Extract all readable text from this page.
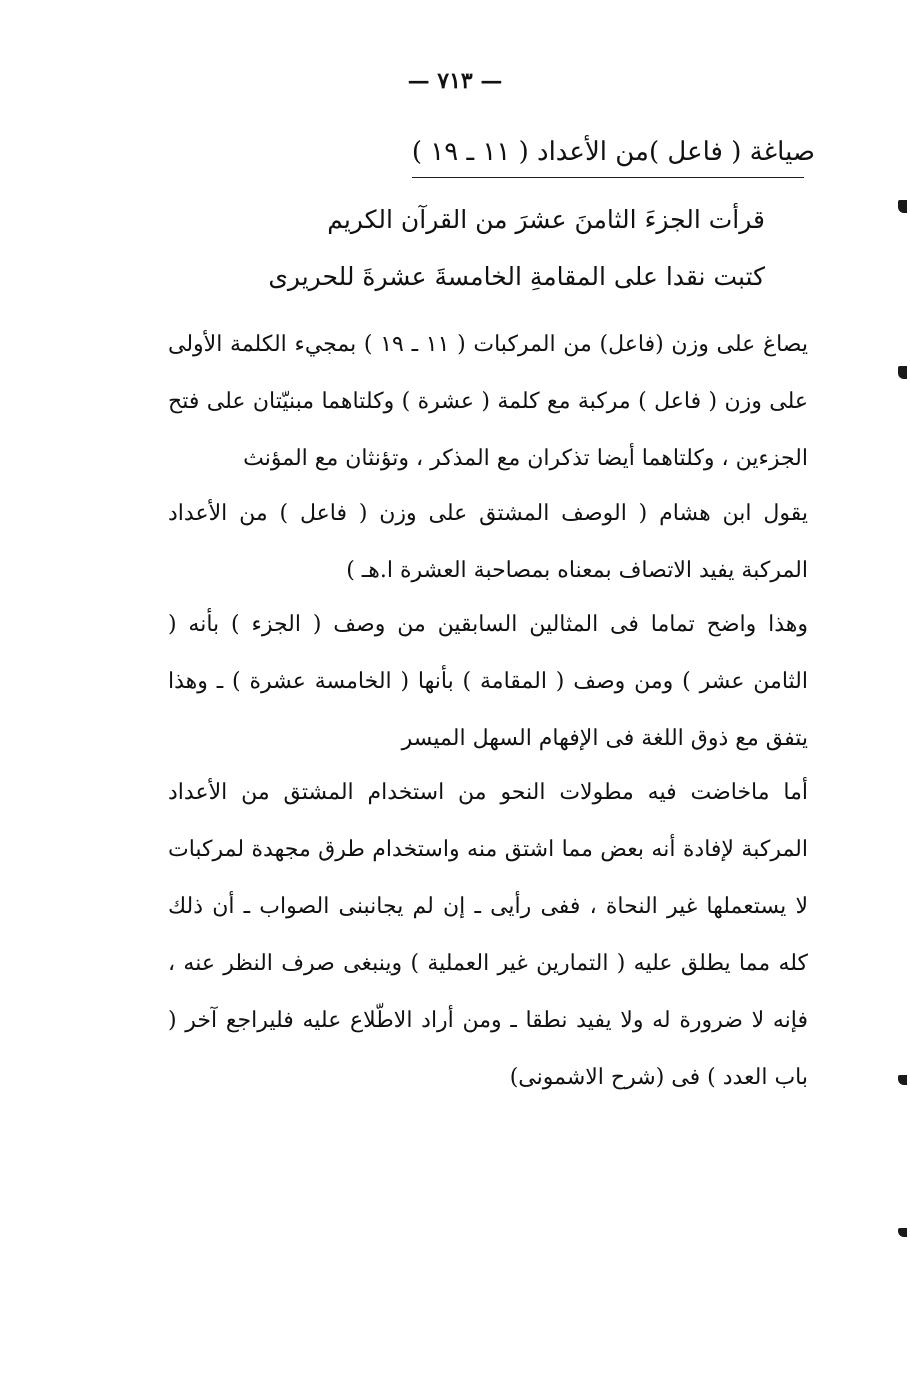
— ٧١٣ —
صياغة ( فاعل )من الأعداد ( ١١ ـ ١٩ )
قرأت الجزءَ الثامنَ عشرَ من القرآن الكريم
كتبت نقدا على المقامةِ الخامسةَ عشرةَ للحريرى
يصاغ على وزن (فاعل) من المركبات ( ١١ ـ ١٩ ) بمجيء الكلمة الأولى على وزن ( فاعل ) مركبة مع كلمة ( عشرة ) وكلتاهما مبنيّتان على فتح الجزءين ، وكلتاهما أيضا تذكران مع المذكر ، وتؤنثان مع المؤنث
يقول ابن هشام ( الوصف المشتق على وزن ( فاعل ) من الأعداد المركبة يفيد الاتصاف بمعناه بمصاحبة العشرة ا.هـ )
وهذا واضح تماما فى المثالين السابقين من وصف ( الجزء ) بأنه ( الثامن عشر ) ومن وصف ( المقامة ) بأنها ( الخامسة عشرة ) ـ وهذا يتفق مع ذوق اللغة فى الإفهام السهل الميسر
أما ماخاضت فيه مطولات النحو من استخدام المشتق من الأعداد المركبة لإفادة أنه بعض مما اشتق منه واستخدام طرق مجهدة لمركبات لا يستعملها غير النحاة ، ففى رأيى ـ إن لم يجانبنى الصواب ـ أن ذلك كله مما يطلق عليه ( التمارين غير العملية ) وينبغى صرف النظر عنه ، فإنه لا ضرورة له ولا يفيد نطقا ـ ومن أراد الاطّلاع عليه فليراجع آخر ( باب العدد ) فى (شرح الاشمونى)
